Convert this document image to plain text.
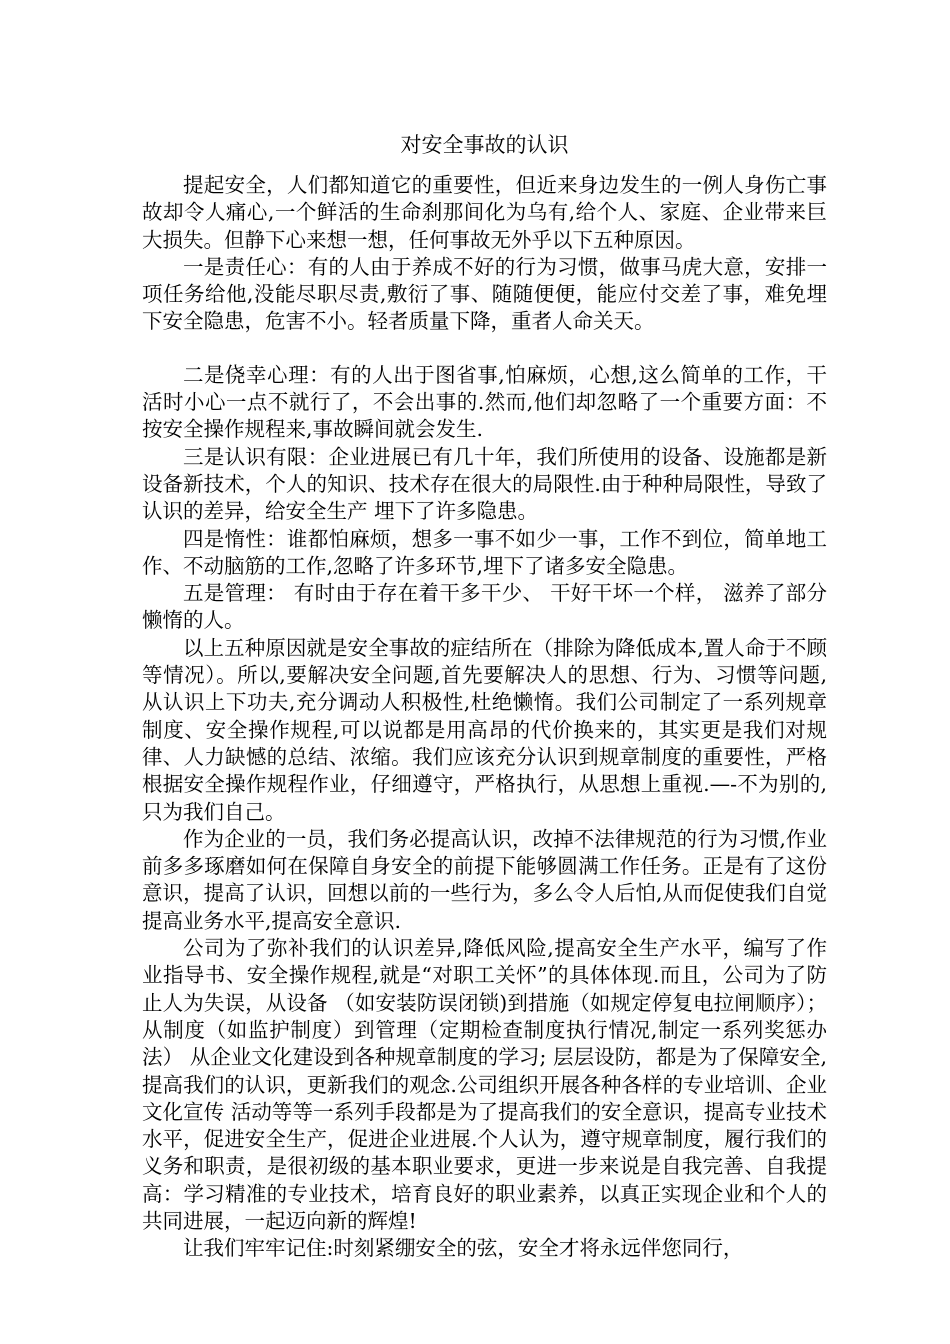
对安全事故的认识

提起安全，人们都知道它的重要性，但近来身边发生的一例人身伤亡事故却令人痛心,一个鲜活的生命刹那间化为乌有,给个人、家庭、企业带来巨大损失。但静下心来想一想，任何事故无外乎以下五种原因。

一是责任心：有的人由于养成不好的行为习惯，做事马虎大意，安排一项任务给他,没能尽职尽责,敷衍了事、随随便便，能应付交差了事，难免埋下安全隐患，危害不小。轻者质量下降，重者人命关天。

二是侥幸心理：有的人出于图省事,怕麻烦，心想,这么简单的工作，干活时小心一点不就行了，不会出事的.然而,他们却忽略了一个重要方面：不按安全操作规程来,事故瞬间就会发生.

三是认识有限：企业进展已有几十年，我们所使用的设备、设施都是新设备新技术，个人的知识、技术存在很大的局限性.由于种种局限性，导致了认识的差异，给安全生产 埋下了许多隐患。

四是惰性：谁都怕麻烦，想多一事不如少一事，工作不到位，简单地工作、不动脑筋的工作,忽略了许多环节,埋下了诸多安全隐患。

五是管理： 有时由于存在着干多干少、 干好干坏一个样， 滋养了部分懒惰的人。

以上五种原因就是安全事故的症结所在（排除为降低成本,置人命于不顾等情况）。所以,要解决安全问题,首先要解决人的思想、行为、习惯等问题,从认识上下功夫,充分调动人积极性,杜绝懒惰。我们公司制定了一系列规章制度、安全操作规程,可以说都是用高昂的代价换来的，其实更是我们对规律、人力缺憾的总结、浓缩。我们应该充分认识到规章制度的重要性，严格根据安全操作规程作业，仔细遵守，严格执行，从思想上重视.—-不为别的,只为我们自己。

作为企业的一员，我们务必提高认识，改掉不法律规范的行为习惯,作业前多多琢磨如何在保障自身安全的前提下能够圆满工作任务。正是有了这份意识，提高了认识，回想以前的一些行为，多么令人后怕,从而促使我们自觉提高业务水平,提高安全意识.

公司为了弥补我们的认识差异,降低风险,提高安全生产水平，编写了作业指导书、安全操作规程,就是“对职工关怀”的具体体现.而且，公司为了防止人为失误，从设备 （如安装防误闭锁)到措施（如规定停复电拉闸顺序）；从制度（如监护制度）到管理（定期检查制度执行情况,制定一系列奖惩办法） 从企业文化建设到各种规章制度的学习; 层层设防，都是为了保障安全,提高我们的认识，更新我们的观念.公司组织开展各种各样的专业培训、企业文化宣传 活动等等一系列手段都是为了提高我们的安全意识，提高专业技术水平，促进安全生产，促进企业进展.个人认为，遵守规章制度，履行我们的义务和职责，是很初级的基本职业要求，更进一步来说是自我完善、自我提高：学习精准的专业技术，培育良好的职业素养，以真正实现企业和个人的共同进展，一起迈向新的辉煌!

让我们牢牢记住:时刻紧绷安全的弦，安全才将永远伴您同行，
